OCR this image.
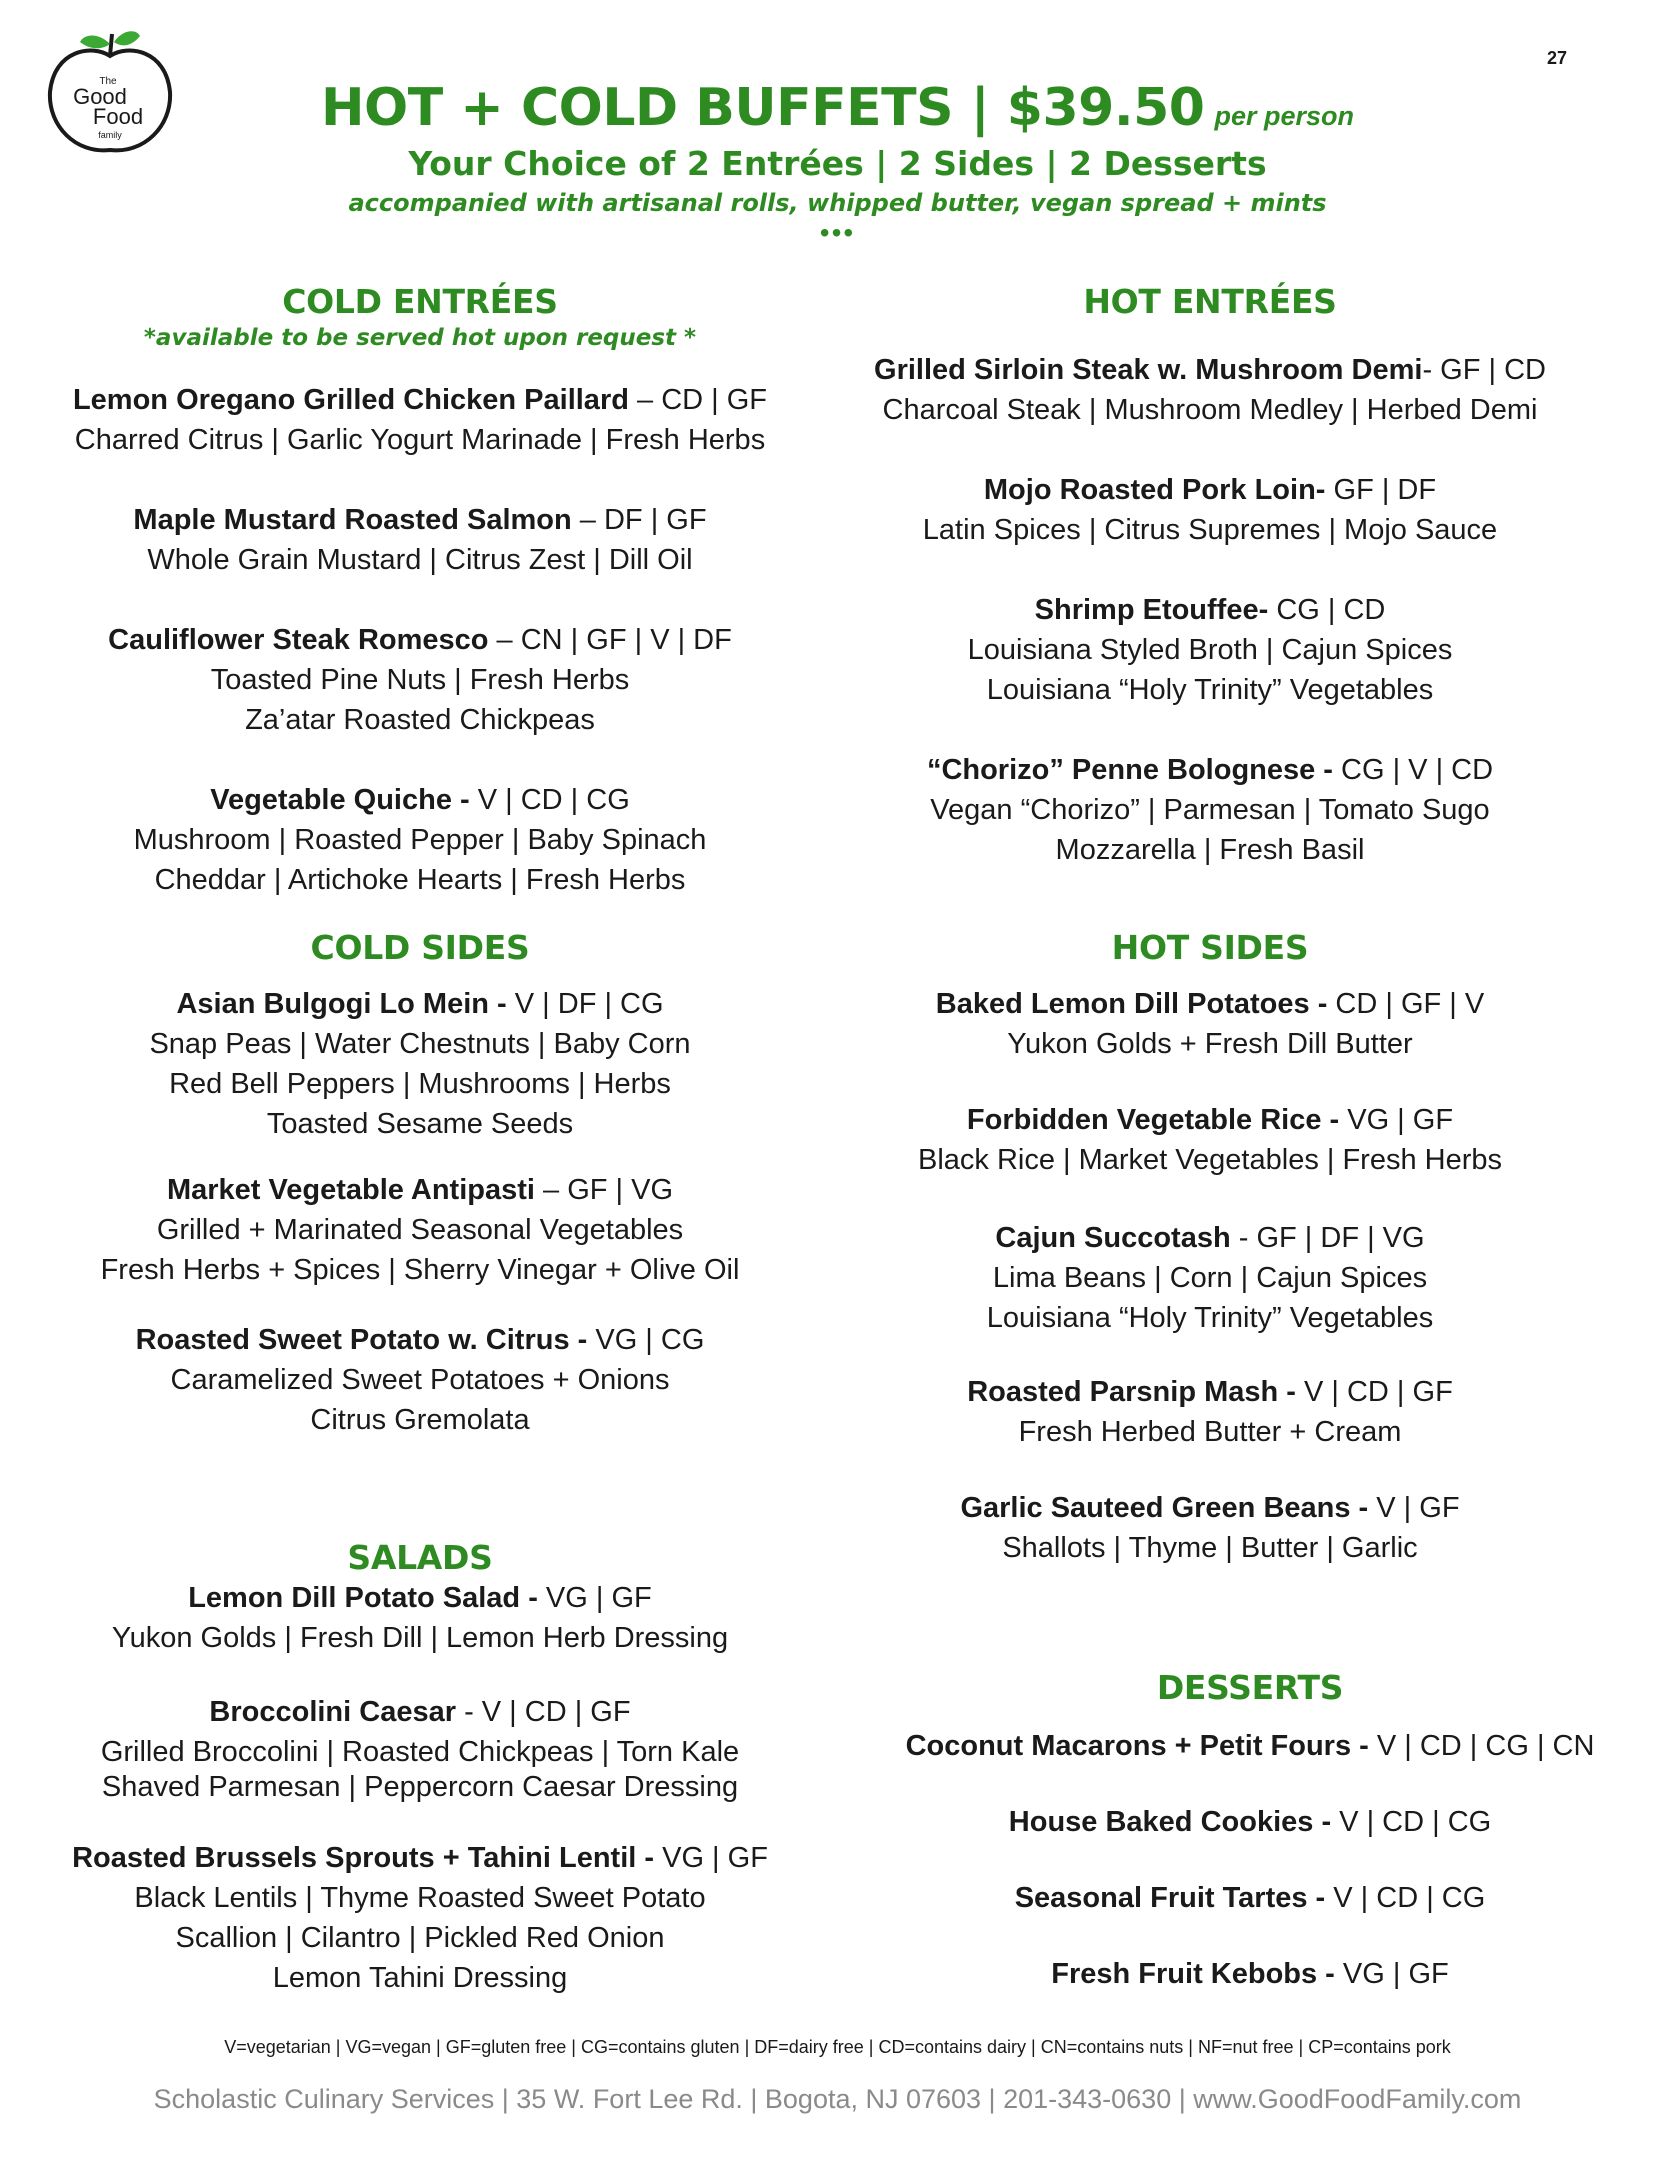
27
The
Good
Food
family	HOT + COLD BUFFETS | $39.50 per person
Your Choice of 2 Entrées | 2 Sides | 2 Desserts
accompanied with artisanal rolls, whipped butter, vegan spread + mints
•••
COLD ENTRÉES
*available to be served hot upon request *
Lemon Oregano Grilled Chicken Paillard – CD | GF
Charred Citrus | Garlic Yogurt Marinade | Fresh Herbs
Maple Mustard Roasted Salmon – DF | GF
Whole Grain Mustard | Citrus Zest | Dill Oil
Cauliflower Steak Romesco – CN | GF | V | DF
Toasted Pine Nuts | Fresh Herbs
Za’atar Roasted Chickpeas
Vegetable Quiche - V | CD | CG
Mushroom | Roasted Pepper | Baby Spinach
Cheddar | Artichoke Hearts | Fresh Herbs
COLD SIDES
Asian Bulgogi Lo Mein - V | DF | CG
Snap Peas | Water Chestnuts | Baby Corn
Red Bell Peppers | Mushrooms | Herbs
Toasted Sesame Seeds
Market Vegetable Antipasti – GF | VG
Grilled + Marinated Seasonal Vegetables
Fresh Herbs + Spices | Sherry Vinegar + Olive Oil
Roasted Sweet Potato w. Citrus - VG | CG
Caramelized Sweet Potatoes + Onions
Citrus Gremolata
SALADS
Lemon Dill Potato Salad - VG | GF
Yukon Golds | Fresh Dill | Lemon Herb Dressing
Broccolini Caesar - V | CD | GF
Grilled Broccolini | Roasted Chickpeas | Torn Kale
Shaved Parmesan | Peppercorn Caesar Dressing
Roasted Brussels Sprouts + Tahini Lentil - VG | GF
Black Lentils | Thyme Roasted Sweet Potato
Scallion | Cilantro | Pickled Red Onion
Lemon Tahini Dressing
HOT ENTRÉES
Grilled Sirloin Steak w. Mushroom Demi- GF | CD
Charcoal Steak | Mushroom Medley | Herbed Demi
Mojo Roasted Pork Loin- GF | DF
Latin Spices | Citrus Supremes | Mojo Sauce
Shrimp Etouffee- CG | CD
Louisiana Styled Broth | Cajun Spices
Louisiana “Holy Trinity” Vegetables
“Chorizo” Penne Bolognese - CG | V | CD
Vegan “Chorizo” | Parmesan | Tomato Sugo
Mozzarella | Fresh Basil
HOT SIDES
Baked Lemon Dill Potatoes - CD | GF | V
Yukon Golds + Fresh Dill Butter
Forbidden Vegetable Rice - VG | GF
Black Rice | Market Vegetables | Fresh Herbs
Cajun Succotash - GF | DF | VG
Lima Beans | Corn | Cajun Spices
Louisiana “Holy Trinity” Vegetables
Roasted Parsnip Mash - V | CD | GF
Fresh Herbed Butter + Cream
Garlic Sauteed Green Beans - V | GF
Shallots | Thyme | Butter | Garlic
DESSERTS
Coconut Macarons + Petit Fours - V | CD | CG | CN
House Baked Cookies - V | CD | CG
Seasonal Fruit Tartes - V | CD | CG
Fresh Fruit Kebobs - VG | GF
V=vegetarian | VG=vegan | GF=gluten free | CG=contains gluten | DF=dairy free | CD=contains dairy | CN=contains nuts | NF=nut free | CP=contains pork
Scholastic Culinary Services | 35 W. Fort Lee Rd. | Bogota, NJ 07603 | 201-343-0630 | www.GoodFoodFamily.com
